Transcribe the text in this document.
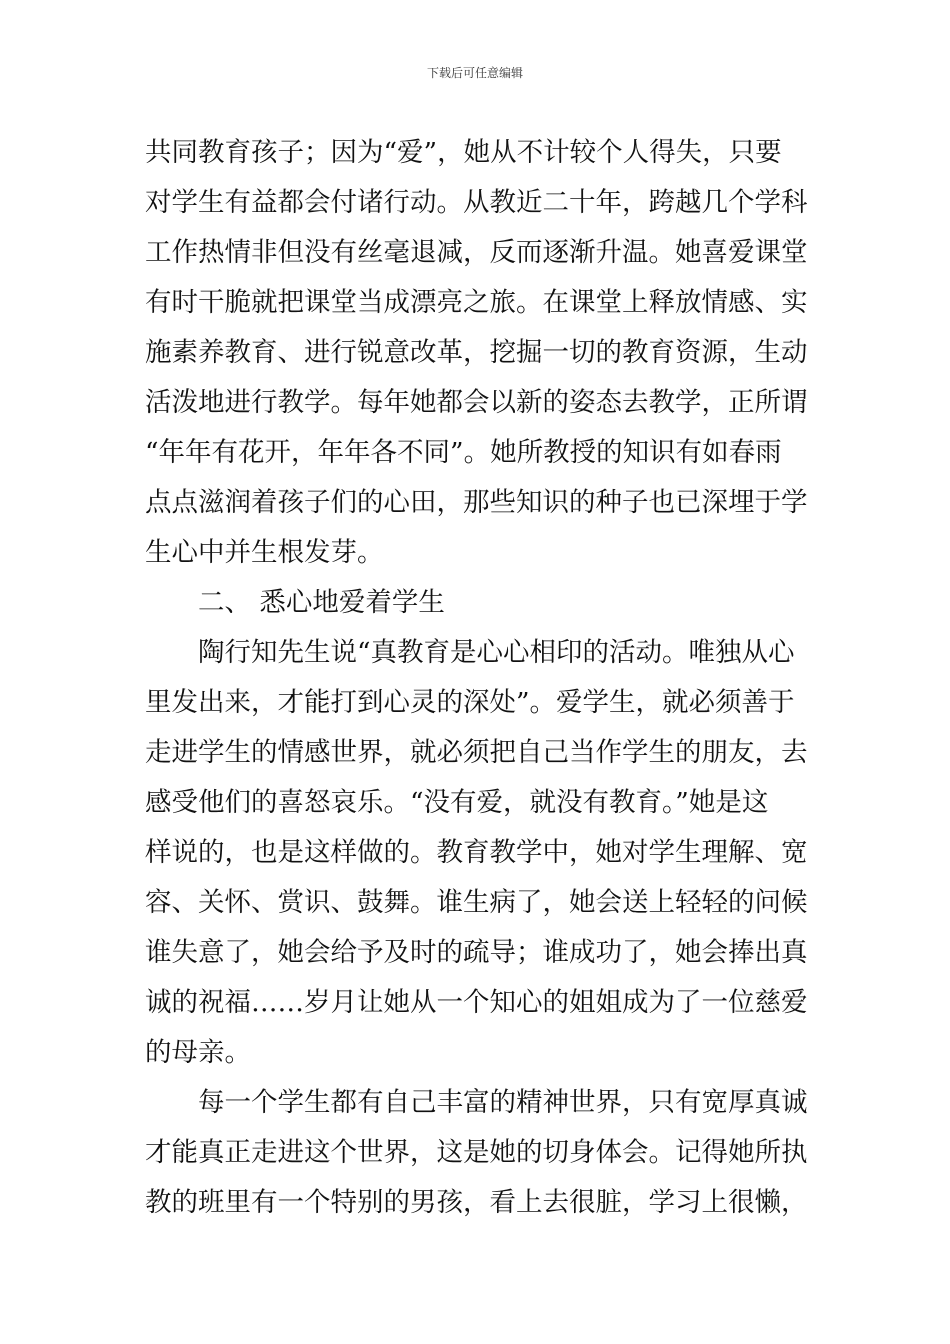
下载后可任意编辑
共同教育孩子；因为“爱”，她从不计较个人得失，只要
对学生有益都会付诸行动。从教近二十年，跨越几个学科
工作热情非但没有丝毫退减，反而逐渐升温。她喜爱课堂
有时干脆就把课堂当成漂亮之旅。在课堂上释放情感、实
施素养教育、进行锐意改革，挖掘一切的教育资源，生动
活泼地进行教学。每年她都会以新的姿态去教学，正所谓
“年年有花开，年年各不同”。她所教授的知识有如春雨
点点滋润着孩子们的心田，那些知识的种子也已深埋于学
生心中并生根发芽。
二、 悉心地爱着学生
陶行知先生说“真教育是心心相印的活动。唯独从心
里发出来，才能打到心灵的深处”。爱学生，就必须善于
走进学生的情感世界，就必须把自己当作学生的朋友，去
感受他们的喜怒哀乐。“没有爱，就没有教育。”她是这
样说的，也是这样做的。教育教学中，她对学生理解、宽
容、关怀、赏识、鼓舞。谁生病了，她会送上轻轻的问候
谁失意了，她会给予及时的疏导；谁成功了，她会捧出真
诚的祝福……岁月让她从一个知心的姐姐成为了一位慈爱
的母亲。
每一个学生都有自己丰富的精神世界，只有宽厚真诚
才能真正走进这个世界，这是她的切身体会。记得她所执
教的班里有一个特别的男孩，看上去很脏，学习上很懒，
